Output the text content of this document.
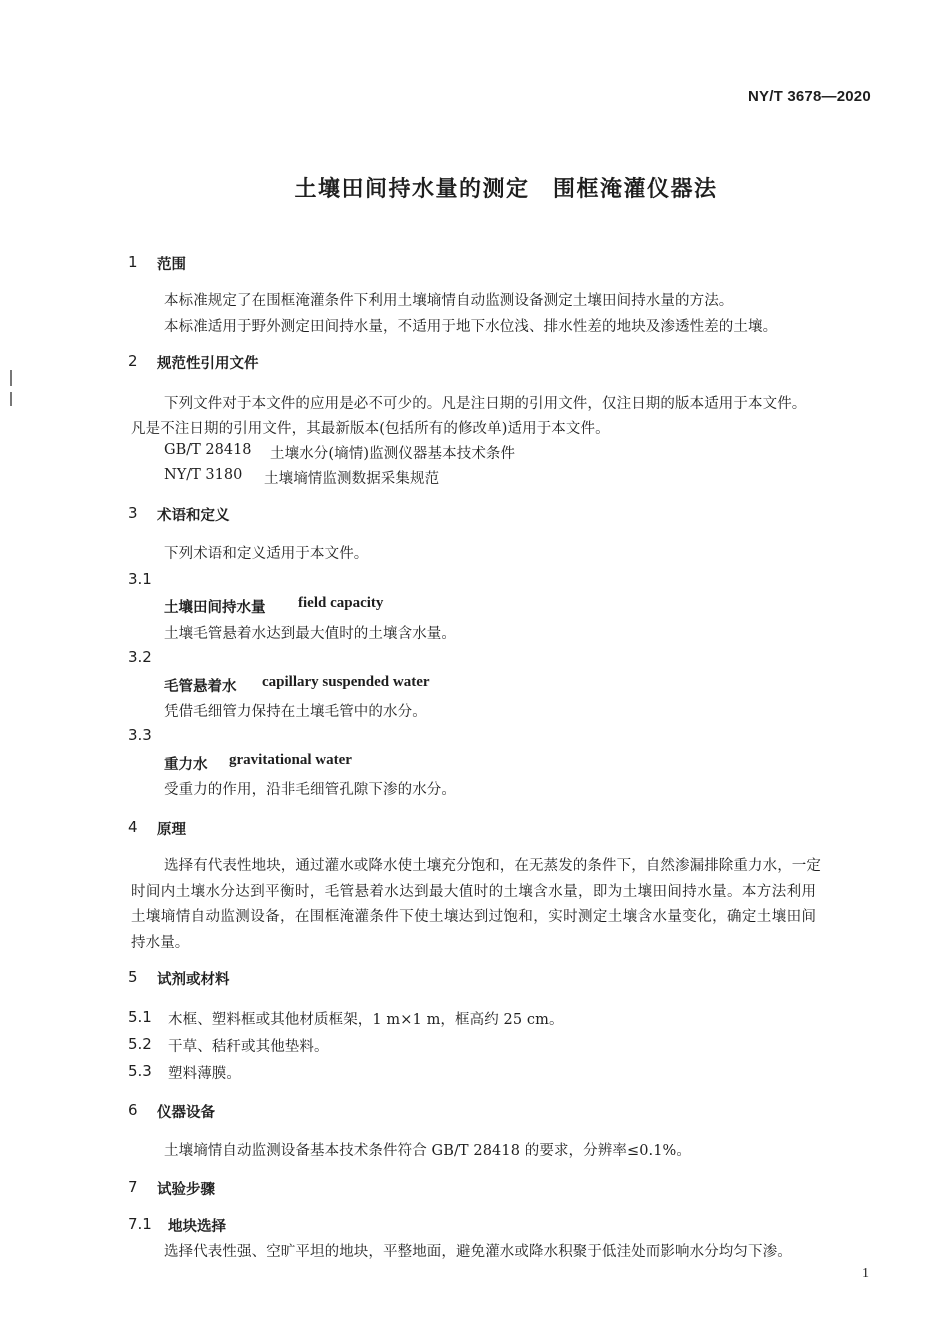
NY/T 3678—2020
土壤田间持水量的测定　围框淹灌仪器法
1 范围
本标准规定了在围框淹灌条件下利用土壤墒情自动监测设备测定土壤田间持水量的方法。
本标准适用于野外测定田间持水量，不适用于地下水位浅、排水性差的地块及渗透性差的土壤。
2 规范性引用文件
下列文件对于本文件的应用是必不可少的。凡是注日期的引用文件，仅注日期的版本适用于本文件。
凡是不注日期的引用文件，其最新版本(包括所有的修改单)适用于本文件。
GB/T 28418 土壤水分(墒情)监测仪器基本技术条件
NY/T 3180 土壤墒情监测数据采集规范
3 术语和定义
下列术语和定义适用于本文件。
3.1
土壤田间持水量 field capacity
土壤毛管悬着水达到最大值时的土壤含水量。
3.2
毛管悬着水 capillary suspended water
凭借毛细管力保持在土壤毛管中的水分。
3.3
重力水 gravitational water
受重力的作用，沿非毛细管孔隙下渗的水分。
4 原理
选择有代表性地块，通过灌水或降水使土壤充分饱和，在无蒸发的条件下，自然渗漏排除重力水，一定
时间内土壤水分达到平衡时，毛管悬着水达到最大值时的土壤含水量，即为土壤田间持水量。本方法利用
土壤墒情自动监测设备，在围框淹灌条件下使土壤达到过饱和，实时测定土壤含水量变化，确定土壤田间
持水量。
5 试剂或材料
5.1 木框、塑料框或其他材质框架，1 m×1 m，框高约 25 cm。
5.2 干草、秸秆或其他垫料。
5.3 塑料薄膜。
6 仪器设备
土壤墒情自动监测设备基本技术条件符合 GB/T 28418 的要求，分辨率≤0.1%。
7 试验步骤
7.1 地块选择
选择代表性强、空旷平坦的地块，平整地面，避免灌水或降水积聚于低洼处而影响水分均匀下渗。
1
